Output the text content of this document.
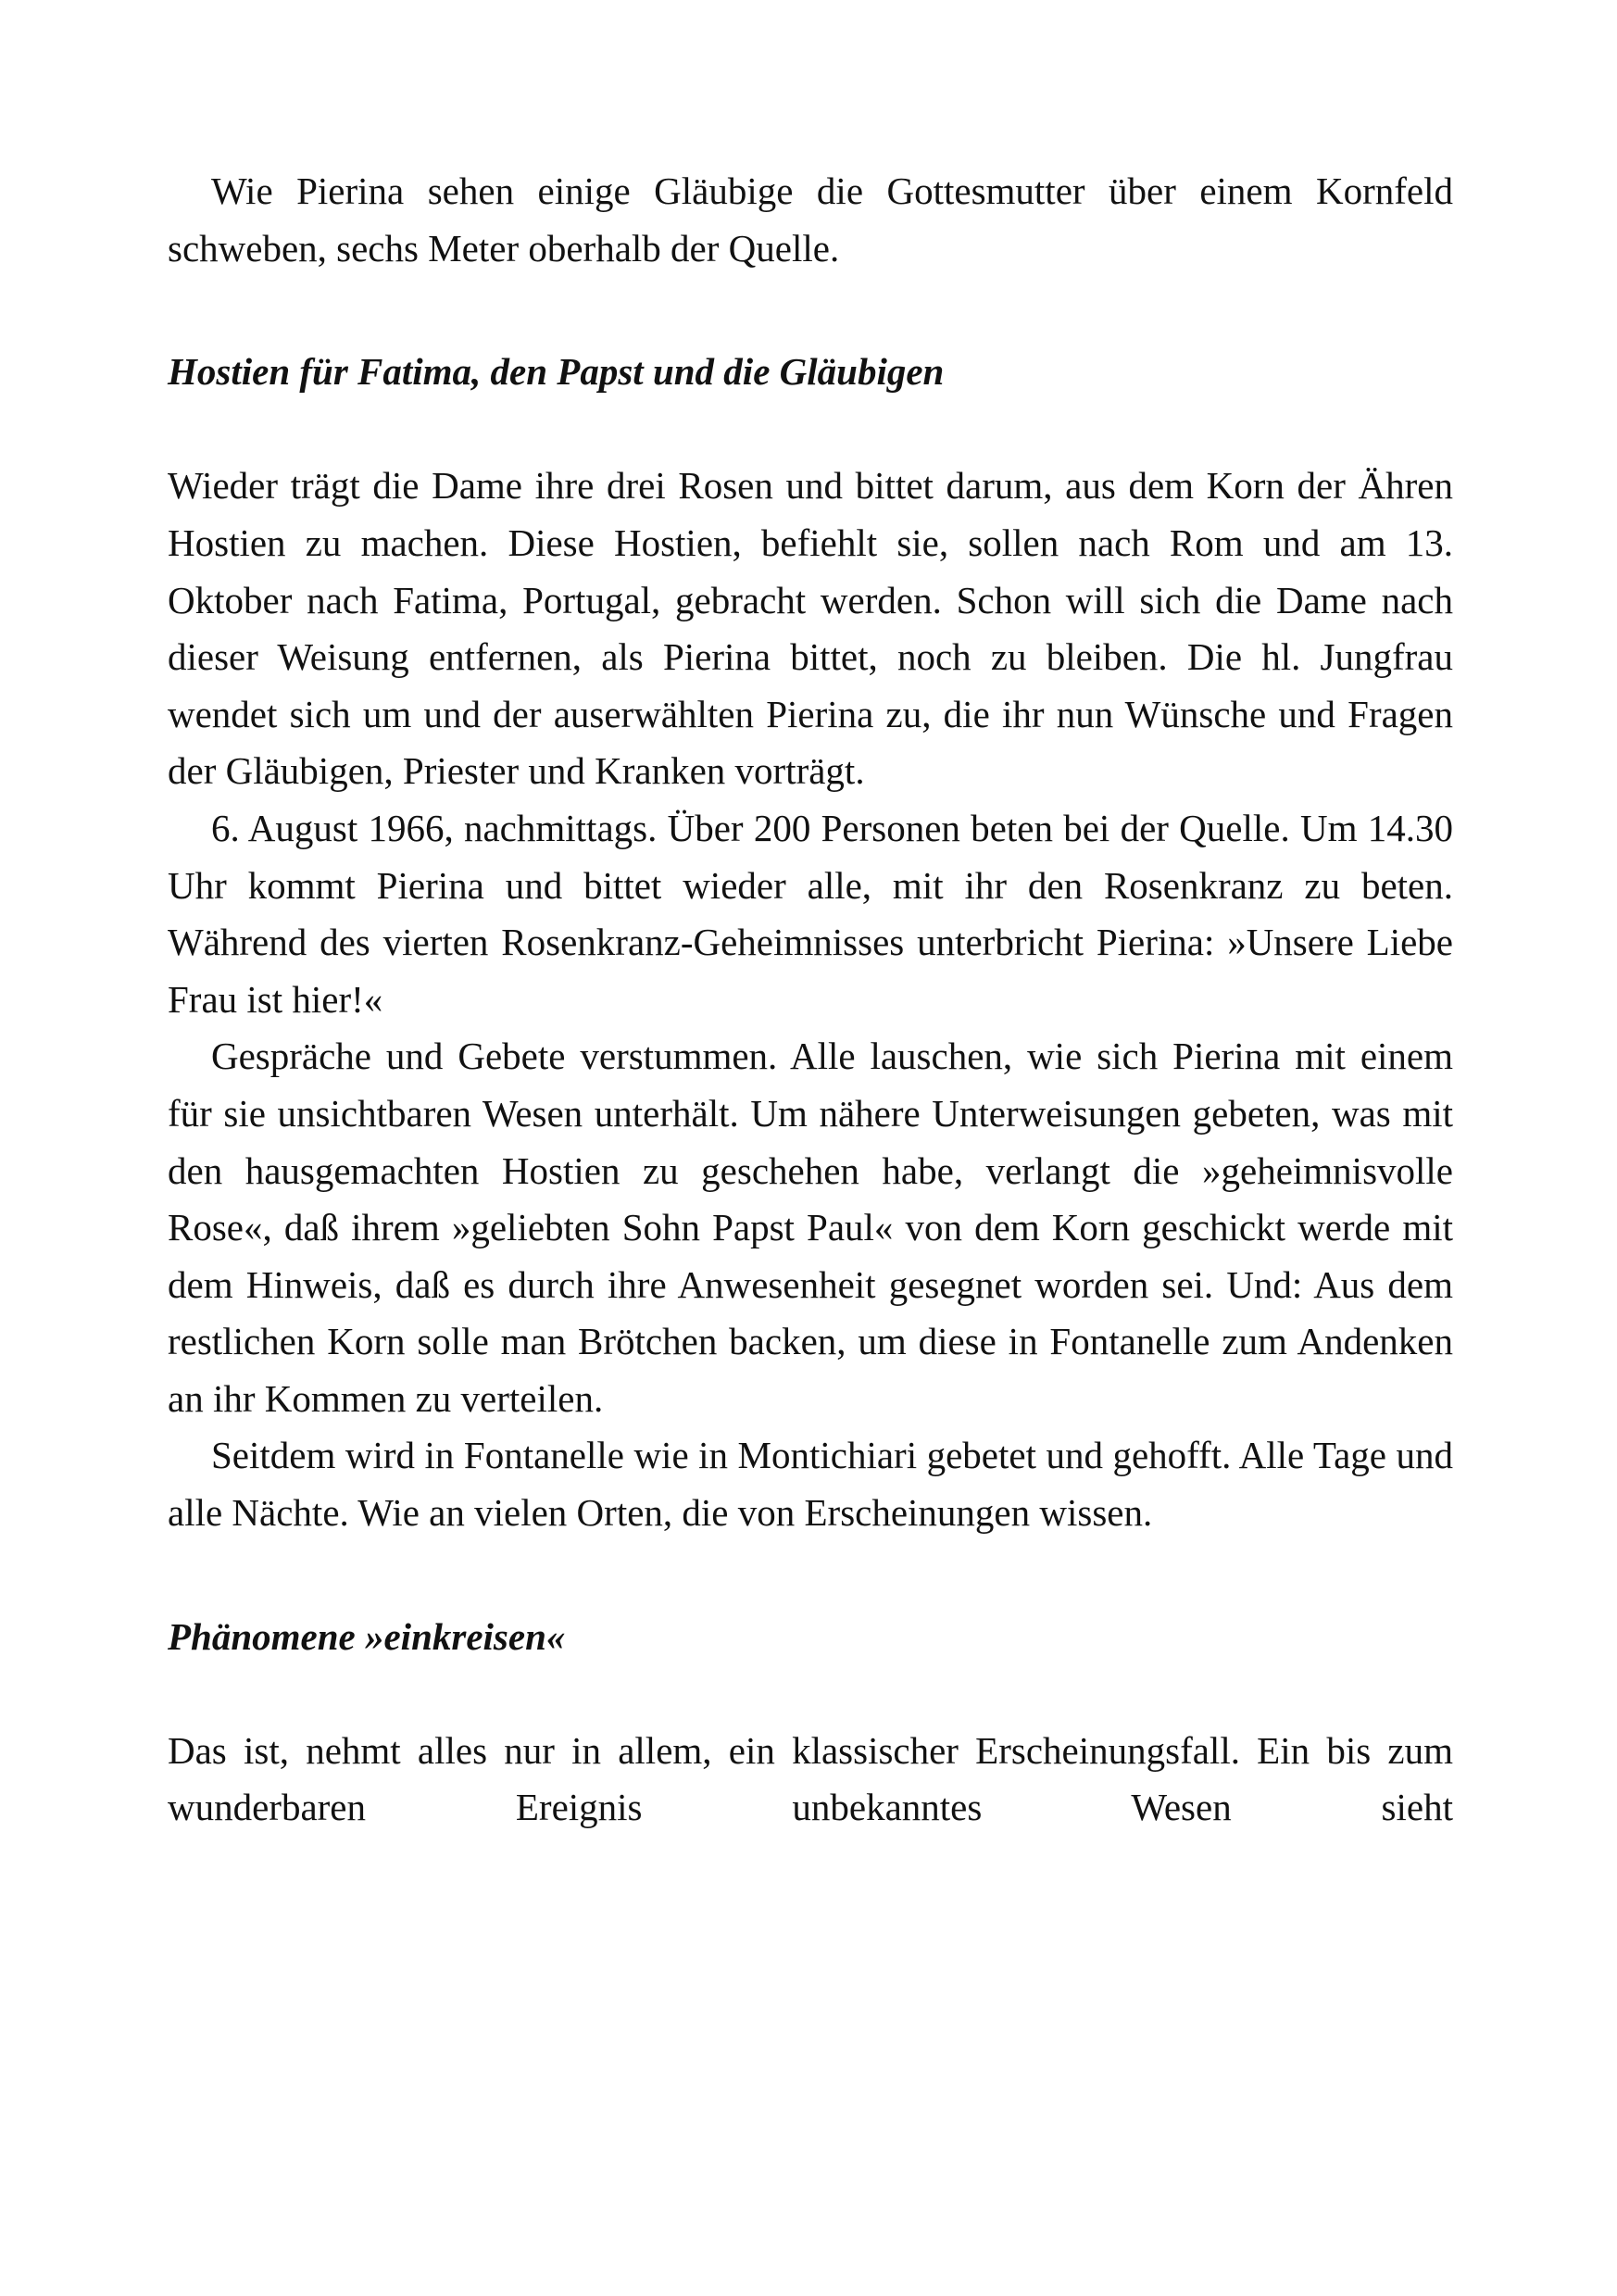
Wie Pierina sehen einige Gläubige die Gottesmutter über einem Kornfeld schweben, sechs Meter oberhalb der Quelle.

Hostien für Fatima, den Papst und die Gläubigen

Wieder trägt die Dame ihre drei Rosen und bittet darum, aus dem Korn der Ähren Hostien zu machen. Diese Hostien, befiehlt sie, sollen nach Rom und am 13. Oktober nach Fatima, Portugal, gebracht werden. Schon will sich die Dame nach dieser Weisung entfernen, als Pierina bittet, noch zu bleiben. Die hl. Jungfrau wendet sich um und der auserwählten Pierina zu, die ihr nun Wünsche und Fragen der Gläubigen, Priester und Kranken vorträgt.

6. August 1966, nachmittags. Über 200 Personen beten bei der Quelle. Um 14.30 Uhr kommt Pierina und bittet wieder alle, mit ihr den Rosenkranz zu beten. Während des vierten Rosenkranz-Geheimnisses unterbricht Pierina: »Unsere Liebe Frau ist hier!«

Gespräche und Gebete verstummen. Alle lauschen, wie sich Pierina mit einem für sie unsichtbaren Wesen unterhält. Um nähere Unterweisungen gebeten, was mit den hausgemachten Hostien zu geschehen habe, verlangt die »geheimnisvolle Rose«, daß ihrem »geliebten Sohn Papst Paul« von dem Korn geschickt werde mit dem Hinweis, daß es durch ihre Anwesenheit gesegnet worden sei. Und: Aus dem restlichen Korn solle man Brötchen backen, um diese in Fontanelle zum Andenken an ihr Kommen zu verteilen.

Seitdem wird in Fontanelle wie in Montichiari gebetet und gehofft. Alle Tage und alle Nächte. Wie an vielen Orten, die von Erscheinungen wissen.

Phänomene »einkreisen«

Das ist, nehmt alles nur in allem, ein klassischer Erscheinungsfall. Ein bis zum wunderbaren Ereignis unbekanntes Wesen sieht
